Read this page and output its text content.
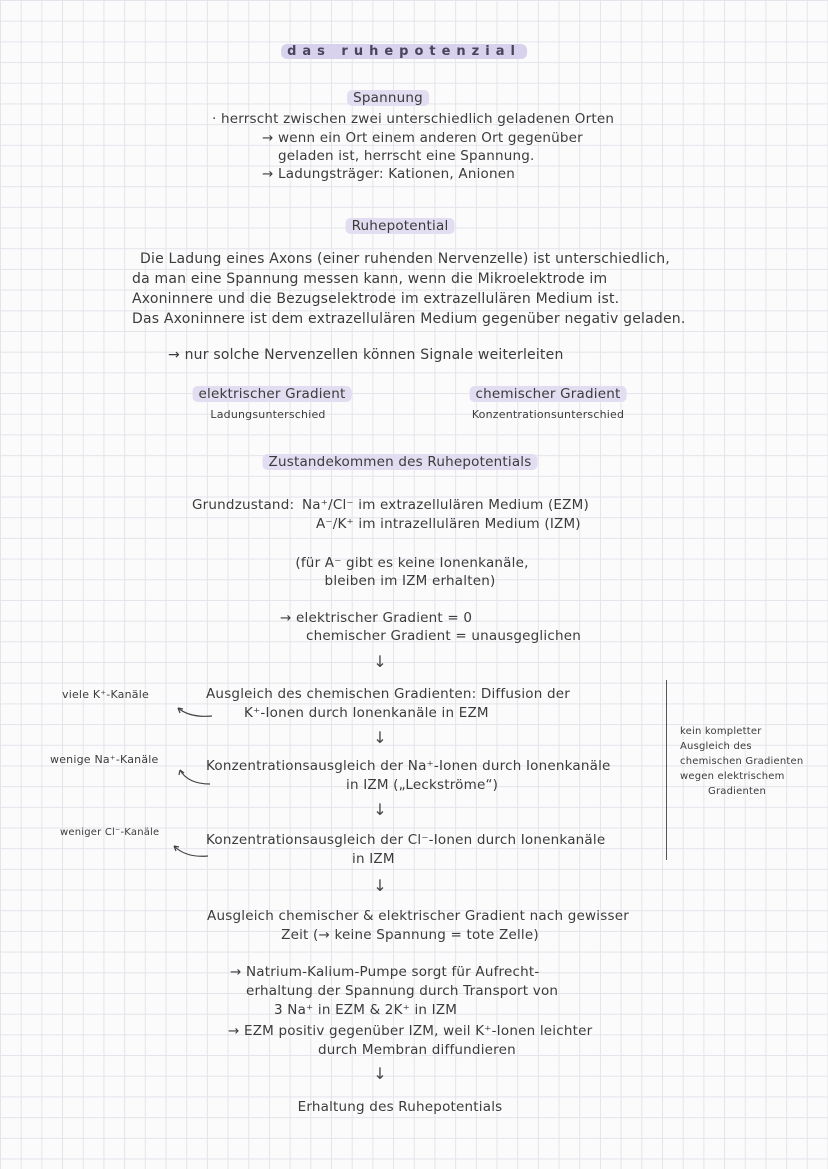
das ruhepotenzial
Spannung
· herrscht zwischen zwei unterschiedlich geladenen Orten
→ wenn ein Ort einem anderen Ort gegenüber
geladen ist, herrscht eine Spannung.
→ Ladungsträger: Kationen, Anionen
Ruhepotential
Die Ladung eines Axons (einer ruhenden Nervenzelle) ist unterschiedlich,
da man eine Spannung messen kann, wenn die Mikroelektrode im
Axoninnere und die Bezugselektrode im extrazellulären Medium ist.
Das Axoninnere ist dem extrazellulären Medium gegenüber negativ geladen.
→ nur solche Nervenzellen können Signale weiterleiten
elektrischer Gradient
Ladungsunterschied
chemischer Gradient
Konzentrationsunterschied
Zustandekommen des Ruhepotentials
Grundzustand: Na⁺/Cl⁻ im extrazellulären Medium (EZM)
A⁻/K⁺ im intrazellulären Medium (IZM)
(für A⁻ gibt es keine Ionenkanäle,
bleiben im IZM erhalten)
→ elektrischer Gradient = 0
chemischer Gradient = unausgeglichen
↓
viele K⁺-Kanäle	Ausgleich des chemischen Gradienten: Diffusion der
K⁺-Ionen durch Ionenkanäle in EZM
↓
wenige Na⁺-Kanäle	Konzentrationsausgleich der Na⁺-Ionen durch Ionenkanäle
in IZM („Leckströme“)
↓
weniger Cl⁻-Kanäle	Konzentrationsausgleich der Cl⁻-Ionen durch Ionenkanäle
in IZM
kein kompletter
Ausgleich des
chemischen Gradienten
wegen elektrischem
Gradienten
↓
Ausgleich chemischer & elektrischer Gradient nach gewisser
Zeit (→ keine Spannung = tote Zelle)
→ Natrium-Kalium-Pumpe sorgt für Aufrecht-
erhaltung der Spannung durch Transport von
3 Na⁺ in EZM & 2K⁺ in IZM
→ EZM positiv gegenüber IZM, weil K⁺-Ionen leichter
durch Membran diffundieren
↓
Erhaltung des Ruhepotentials
